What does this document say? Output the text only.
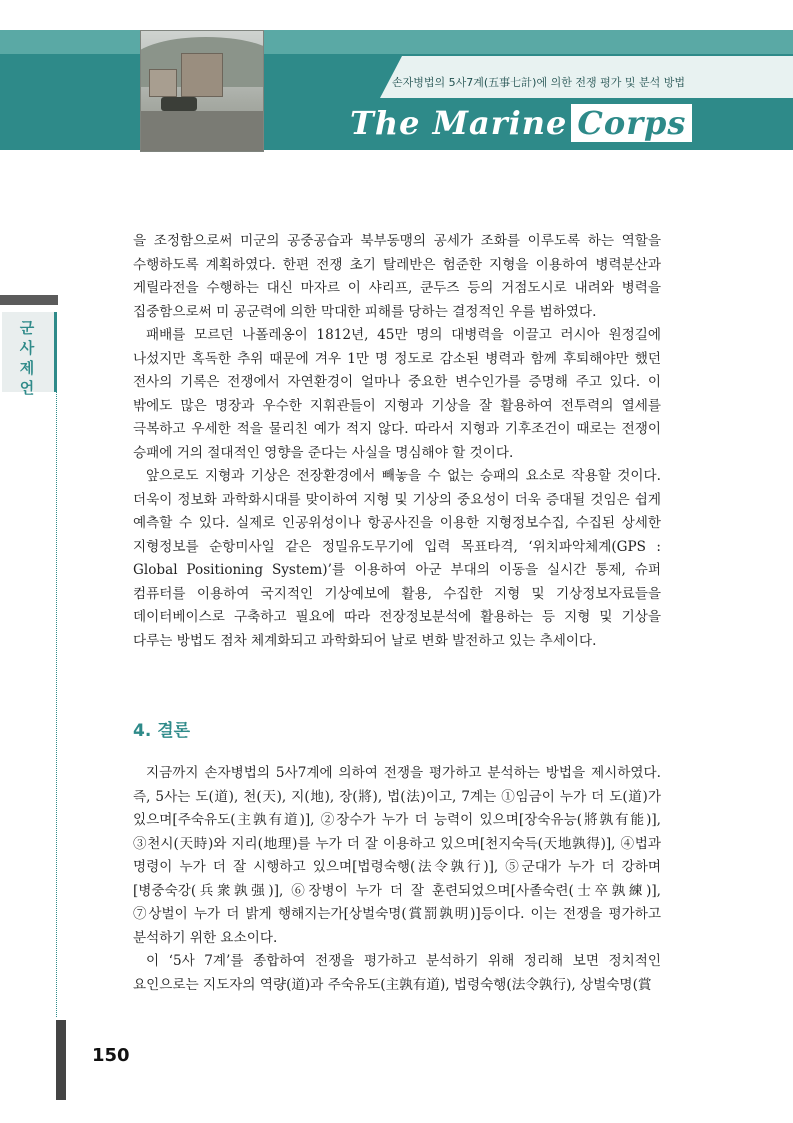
손자병법의 5사7계(五事七計)에 의한 전쟁 평가 및 분석 방법
The Marine Corps
군사제언

을 조정함으로써 미군의 공중공습과 북부동맹의 공세가 조화를 이루도록 하는 역할을 수행하도록 계획하였다. 한편 전쟁 초기 탈레반은 험준한 지형을 이용하여 병력분산과 게릴라전을 수행하는 대신 마자르 이 샤리프, 쿤두즈 등의 거점도시로 내려와 병력을 집중함으로써 미 공군력에 의한 막대한 피해를 당하는 결정적인 우를 범하였다.

패배를 모르던 나폴레옹이 1812년, 45만 명의 대병력을 이끌고 러시아 원정길에 나섰지만 혹독한 추위 때문에 겨우 1만 명 정도로 감소된 병력과 함께 후퇴해야만 했던 전사의 기록은 전쟁에서 자연환경이 얼마나 중요한 변수인가를 증명해 주고 있다. 이 밖에도 많은 명장과 우수한 지휘관들이 지형과 기상을 잘 활용하여 전투력의 열세를 극복하고 우세한 적을 물리친 예가 적지 않다. 따라서 지형과 기후조건이 때로는 전쟁이 승패에 거의 절대적인 영향을 준다는 사실을 명심해야 할 것이다.

앞으로도 지형과 기상은 전장환경에서 빼놓을 수 없는 승패의 요소로 작용할 것이다. 더욱이 정보화 과학화시대를 맞이하여 지형 및 기상의 중요성이 더욱 증대될 것임은 쉽게 예측할 수 있다. 실제로 인공위성이나 항공사진을 이용한 지형정보수집, 수집된 상세한 지형정보를 순항미사일 같은 정밀유도무기에 입력 목표타격, ‘위치파악체계(GPS : Global Positioning System)’를 이용하여 아군 부대의 이동을 실시간 통제, 슈퍼 컴퓨터를 이용하여 국지적인 기상예보에 활용, 수집한 지형 및 기상정보자료들을 데이터베이스로 구축하고 필요에 따라 전장정보분석에 활용하는 등 지형 및 기상을 다루는 방법도 점차 체계화되고 과학화되어 날로 변화 발전하고 있는 추세이다.

4. 결론

지금까지 손자병법의 5사7계에 의하여 전쟁을 평가하고 분석하는 방법을 제시하였다. 즉, 5사는 도(道), 천(天), 지(地), 장(將), 법(法)이고, 7계는 ①임금이 누가 더 도(道)가 있으며[주숙유도(主孰有道)], ②장수가 누가 더 능력이 있으며[장숙유능(將孰有能)], ③천시(天時)와 지리(地理)를 누가 더 잘 이용하고 있으며[천지숙득(天地孰得)], ④법과 명령이 누가 더 잘 시행하고 있으며[법령숙행(法令孰行)], ⑤군대가 누가 더 강하며[병중숙강(兵衆孰强)], ⑥장병이 누가 더 잘 훈련되었으며[사졸숙련(士卒孰練)], ⑦상벌이 누가 더 밝게 행해지는가[상벌숙명(賞罰孰明)]등이다. 이는 전쟁을 평가하고 분석하기 위한 요소이다.

이 ‘5사 7계’를 종합하여 전쟁을 평가하고 분석하기 위해 정리해 보면 정치적인 요인으로는 지도자의 역량(道)과 주숙유도(主孰有道), 법령숙행(法令孰行), 상벌숙명(賞

150
